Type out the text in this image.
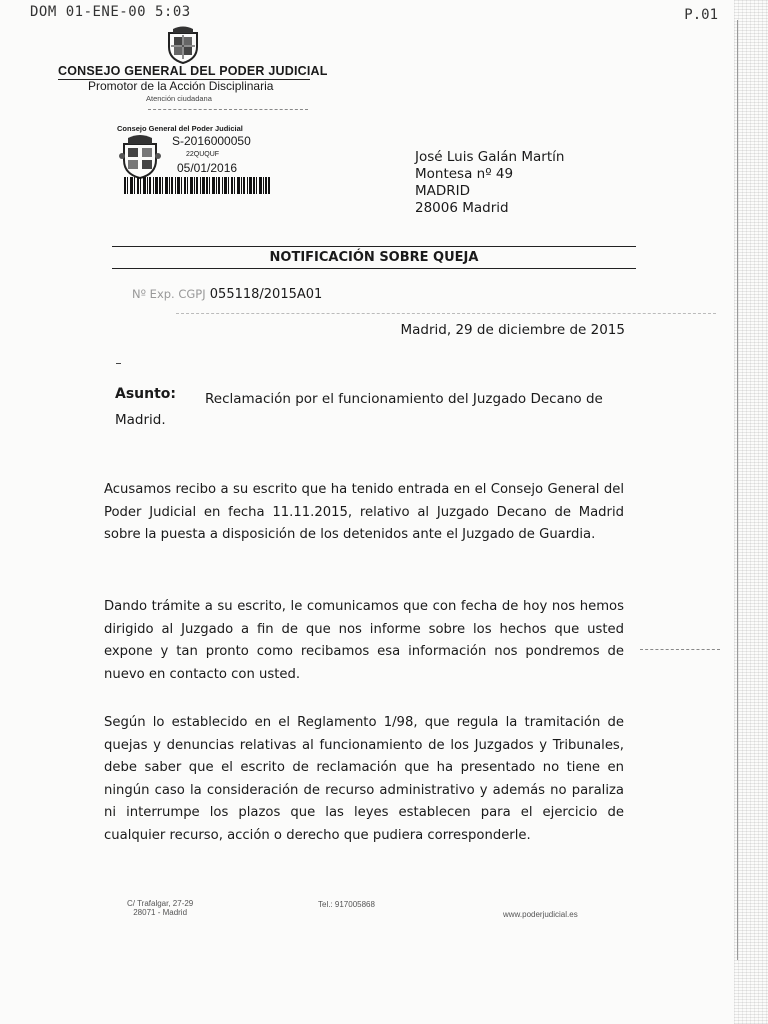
DOM 01-ENE-00 5:03	P.01
CONSEJO GENERAL DEL PODER JUDICIAL
Promotor de la Acción Disciplinaria
Atención ciudadana
Consejo General del Poder Judicial
S-2016000050
22QUQUF
05/01/2016
José Luis Galán Martín
Montesa nº 49
MADRID
28006 Madrid
NOTIFICACIÓN SOBRE QUEJA
Nº Exp. CGPJ 055118/2015A01
Madrid, 29 de diciembre de 2015
Asunto:	Reclamación por el funcionamiento del Juzgado Decano de Madrid.
Acusamos recibo a su escrito que ha tenido entrada en el Consejo General del Poder Judicial en fecha 11.11.2015, relativo al Juzgado Decano de Madrid sobre la puesta a disposición de los detenidos ante el Juzgado de Guardia.
Dando trámite a su escrito, le comunicamos que con fecha de hoy nos hemos dirigido al Juzgado a fin de que nos informe sobre los hechos que usted expone y tan pronto como recibamos esa información nos pondremos de nuevo en contacto con usted.
Según lo establecido en el Reglamento 1/98, que regula la tramitación de quejas y denuncias relativas al funcionamiento de los Juzgados y Tribunales, debe saber que el escrito de reclamación que ha presentado no tiene en ningún caso la consideración de recurso administrativo y además no paraliza ni interrumpe los plazos que las leyes establecen para el ejercicio de cualquier recurso, acción o derecho que pudiera corresponderle.
C/ Trafalgar, 27-29
28071 - Madrid
Tel.: 917005868
www.poderjudicial.es
